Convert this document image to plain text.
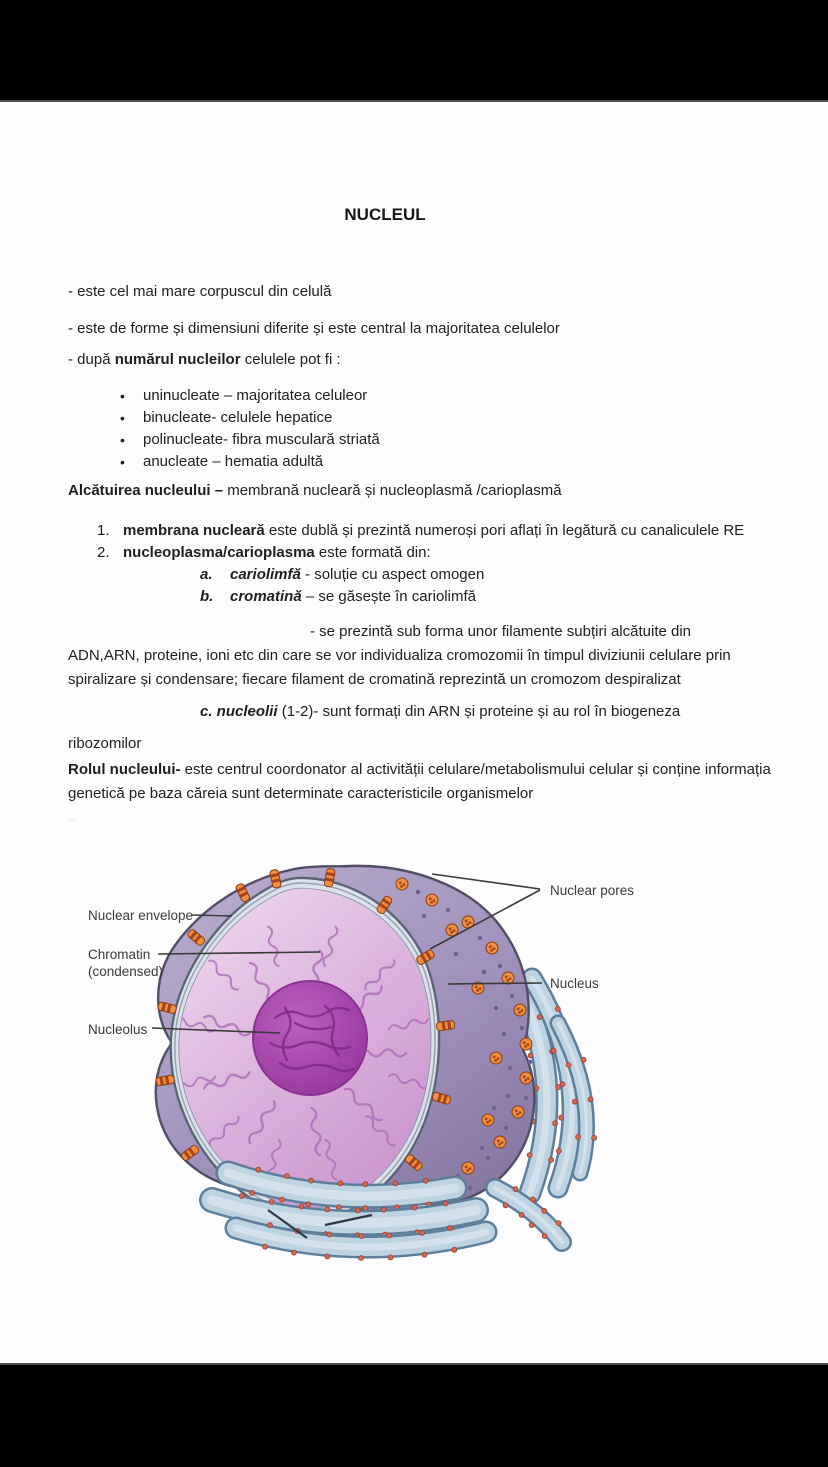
NUCLEUL

- este cel mai mare corpuscul din celulă

- este de forme și dimensiuni diferite și este central la majoritatea celulelor

- după numărul nucleilor celulele pot fi :

• uninucleate – majoritatea celuleor
• binucleate- celulele hepatice
• polinucleate- fibra musculară striată
• anucleate – hematia adultă

Alcătuirea nucleului – membrană nucleară și nucleoplasmă /carioplasmă

1. membrana nucleară este dublă și prezintă numeroși pori aflați în legătură cu canaliculele RE
2. nucleoplasma/carioplasma este formată din:
a.	cariolimfă - soluție cu aspect omogen
b.	cromatină – se găsește în cariolimfă

- se prezintă sub forma unor filamente subțiri alcătuite din

ADN,ARN, proteine, ioni etc din care se vor individualiza cromozomii în timpul diviziunii celulare prin spiralizare și condensare; fiecare filament de cromatină reprezintă un cromozom despiralizat

c. nucleolii (1-2)- sunt formați din ARN și proteine și au rol în biogeneza

ribozomilor

Rolul nucleului- este centrul coordonator al activității celulare/metabolismului celular și conține informația genetică pe baza căreia sunt determinate caracteristicile organismelor

‥

Nuclear envelope
Chromatin
(condensed)
Nucleolus
Nuclear pores
Nucleus
